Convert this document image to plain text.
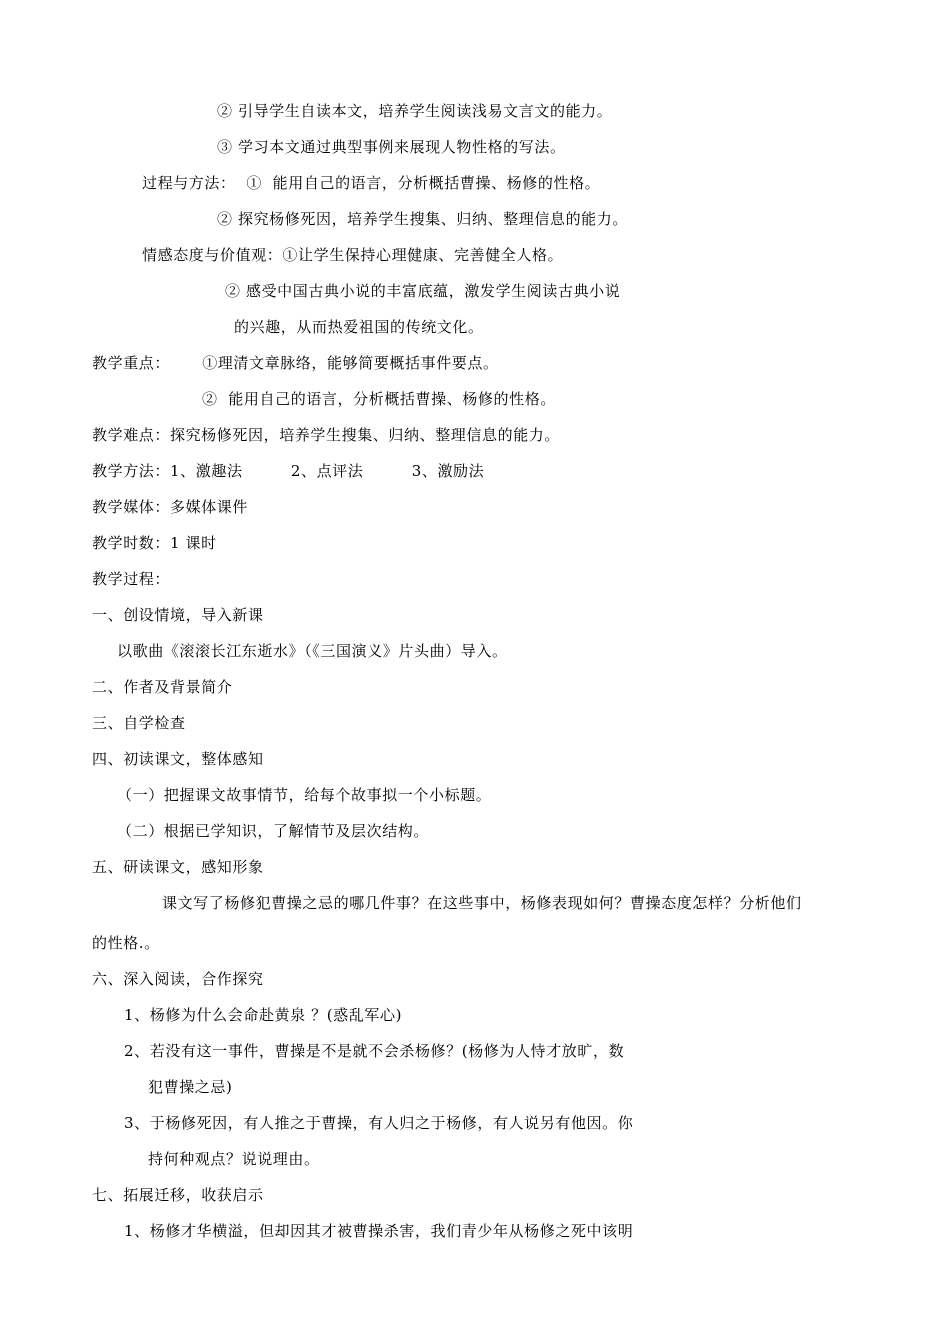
② 引导学生自读本文，培养学生阅读浅易文言文的能力。
③ 学习本文通过典型事例来展现人物性格的写法。
过程与方法：  ①  能用自己的语言，分析概括曹操、杨修的性格。
② 探究杨修死因，培养学生搜集、归纳、整理信息的能力。
情感态度与价值观：①让学生保持心理健康、完善健全人格。
② 感受中国古典小说的丰富底蕴，激发学生阅读古典小说
的兴趣，从而热爱祖国的传统文化。
教学重点：      ①理清文章脉络，能够简要概括事件要点。
②  能用自己的语言，分析概括曹操、杨修的性格。
教学难点：探究杨修死因，培养学生搜集、归纳、整理信息的能力。
教学方法：1、激趣法         2、点评法         3、激励法
教学媒体：多媒体课件
教学时数：1 课时
教学过程：
一、创设情境，导入新课
以歌曲《滚滚长江东逝水》（《三国演义》片头曲）导入。
二、作者及背景简介
三、自学检查
四、初读课文，整体感知
（一）把握课文故事情节，给每个故事拟一个小标题。
（二）根据已学知识，了解情节及层次结构。
五、研读课文，感知形象
课文写了杨修犯曹操之忌的哪几件事？在这些事中，杨修表现如何？曹操态度怎样？分析他们
的性格.。
六、深入阅读，合作探究
1、杨修为什么会命赴黄泉 ？(惑乱军心)
2、若没有这一事件，曹操是不是就不会杀杨修？(杨修为人恃才放旷，数
犯曹操之忌)
3、于杨修死因，有人推之于曹操，有人归之于杨修，有人说另有他因。你
持何种观点？说说理由。
七、拓展迁移，收获启示
1、杨修才华横溢，但却因其才被曹操杀害，我们青少年从杨修之死中该明
